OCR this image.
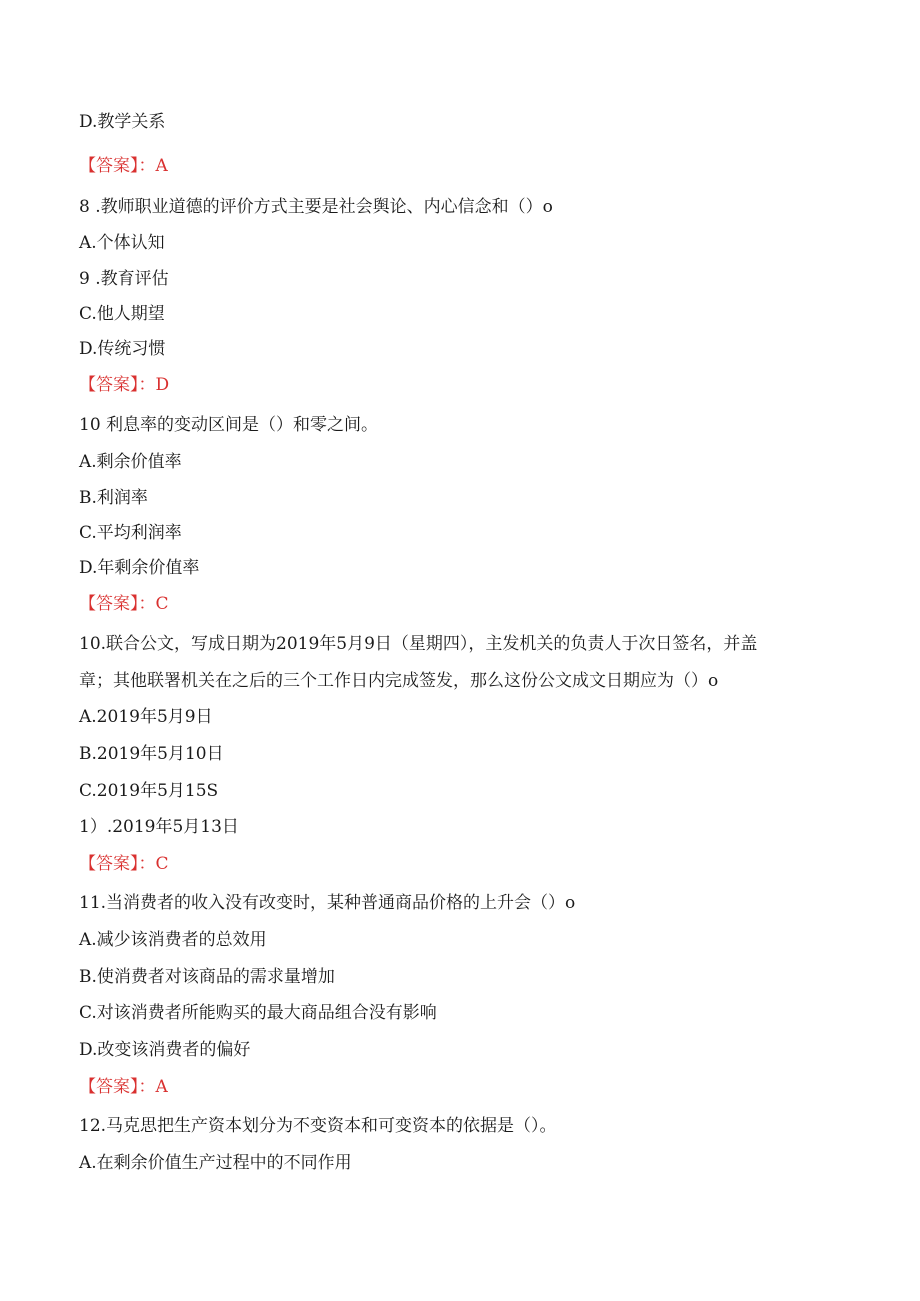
D.教学关系

【答案】：A

8 .教师职业道德的评价方式主要是社会舆论、内心信念和（）o

A.个体认知

9 .教育评估

C.他人期望

D.传统习惯

【答案】：D

10 利息率的变动区间是（）和零之间。

A.剩余价值率

B.利润率

C.平均利润率

D.年剩余价值率

【答案】：C

10.联合公文，写成日期为2019年5月9日（星期四），主发机关的负责人于次日签名，并盖

章；其他联署机关在之后的三个工作日内完成签发，那么这份公文成文日期应为（）o

A.2019年5月9日

B.2019年5月10日

C.2019年5月15S

1）.2019年5月13日

【答案】：C

11.当消费者的收入没有改变时，某种普通商品价格的上升会（）o

A.减少该消费者的总效用

B.使消费者对该商品的需求量增加

C.对该消费者所能购买的最大商品组合没有影响

D.改变该消费者的偏好

【答案】：A

12.马克思把生产资本划分为不变资本和可变资本的依据是（）。

A.在剩余价值生产过程中的不同作用
